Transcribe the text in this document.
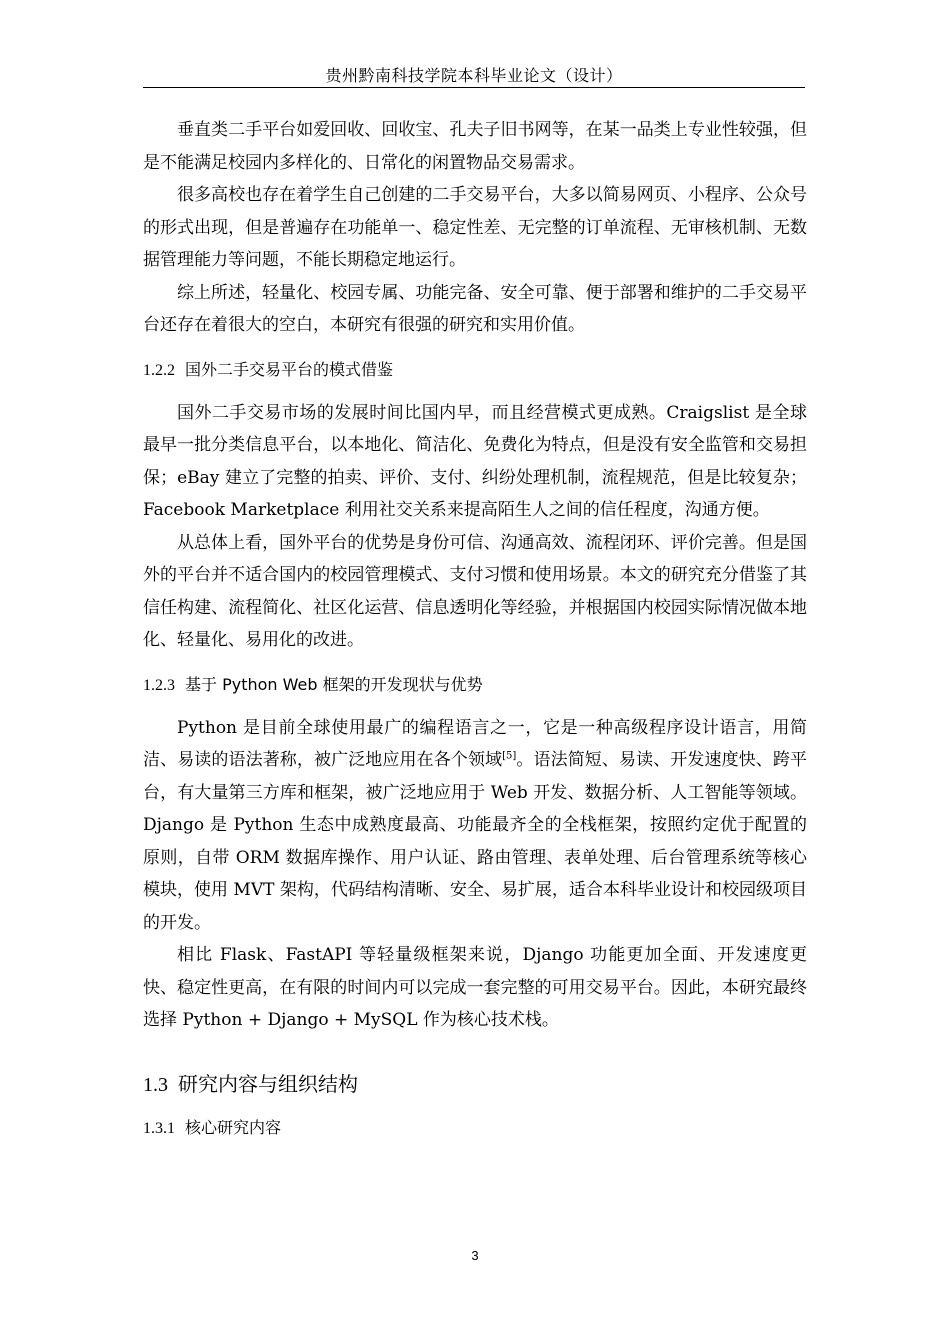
贵州黔南科技学院本科毕业论文（设计）

垂直类二手平台如爱回收、回收宝、孔夫子旧书网等，在某一品类上专业性较强，但是不能满足校园内多样化的、日常化的闲置物品交易需求。

很多高校也存在着学生自己创建的二手交易平台，大多以简易网页、小程序、公众号的形式出现，但是普遍存在功能单一、稳定性差、无完整的订单流程、无审核机制、无数据管理能力等问题，不能长期稳定地运行。

综上所述，轻量化、校园专属、功能完备、安全可靠、便于部署和维护的二手交易平台还存在着很大的空白，本研究有很强的研究和实用价值。

1.2.2 国外二手交易平台的模式借鉴

国外二手交易市场的发展时间比国内早，而且经营模式更成熟。Craigslist 是全球最早一批分类信息平台，以本地化、简洁化、免费化为特点，但是没有安全监管和交易担保；eBay 建立了完整的拍卖、评价、支付、纠纷处理机制，流程规范，但是比较复杂；Facebook Marketplace 利用社交关系来提高陌生人之间的信任程度，沟通方便。

从总体上看，国外平台的优势是身份可信、沟通高效、流程闭环、评价完善。但是国外的平台并不适合国内的校园管理模式、支付习惯和使用场景。本文的研究充分借鉴了其信任构建、流程简化、社区化运营、信息透明化等经验，并根据国内校园实际情况做本地化、轻量化、易用化的改进。

1.2.3 基于 Python Web 框架的开发现状与优势

Python 是目前全球使用最广的编程语言之一，它是一种高级程序设计语言，用简洁、易读的语法著称，被广泛地应用在各个领域[5]。语法简短、易读、开发速度快、跨平台，有大量第三方库和框架，被广泛地应用于 Web 开发、数据分析、人工智能等领域。Django 是 Python 生态中成熟度最高、功能最齐全的全栈框架，按照约定优于配置的原则，自带 ORM 数据库操作、用户认证、路由管理、表单处理、后台管理系统等核心模块，使用 MVT 架构，代码结构清晰、安全、易扩展，适合本科毕业设计和校园级项目的开发。

相比 Flask、FastAPI 等轻量级框架来说，Django 功能更加全面、开发速度更快、稳定性更高，在有限的时间内可以完成一套完整的可用交易平台。因此，本研究最终选择 Python + Django + MySQL 作为核心技术栈。

1.3 研究内容与组织结构
1.3.1 核心研究内容
3
